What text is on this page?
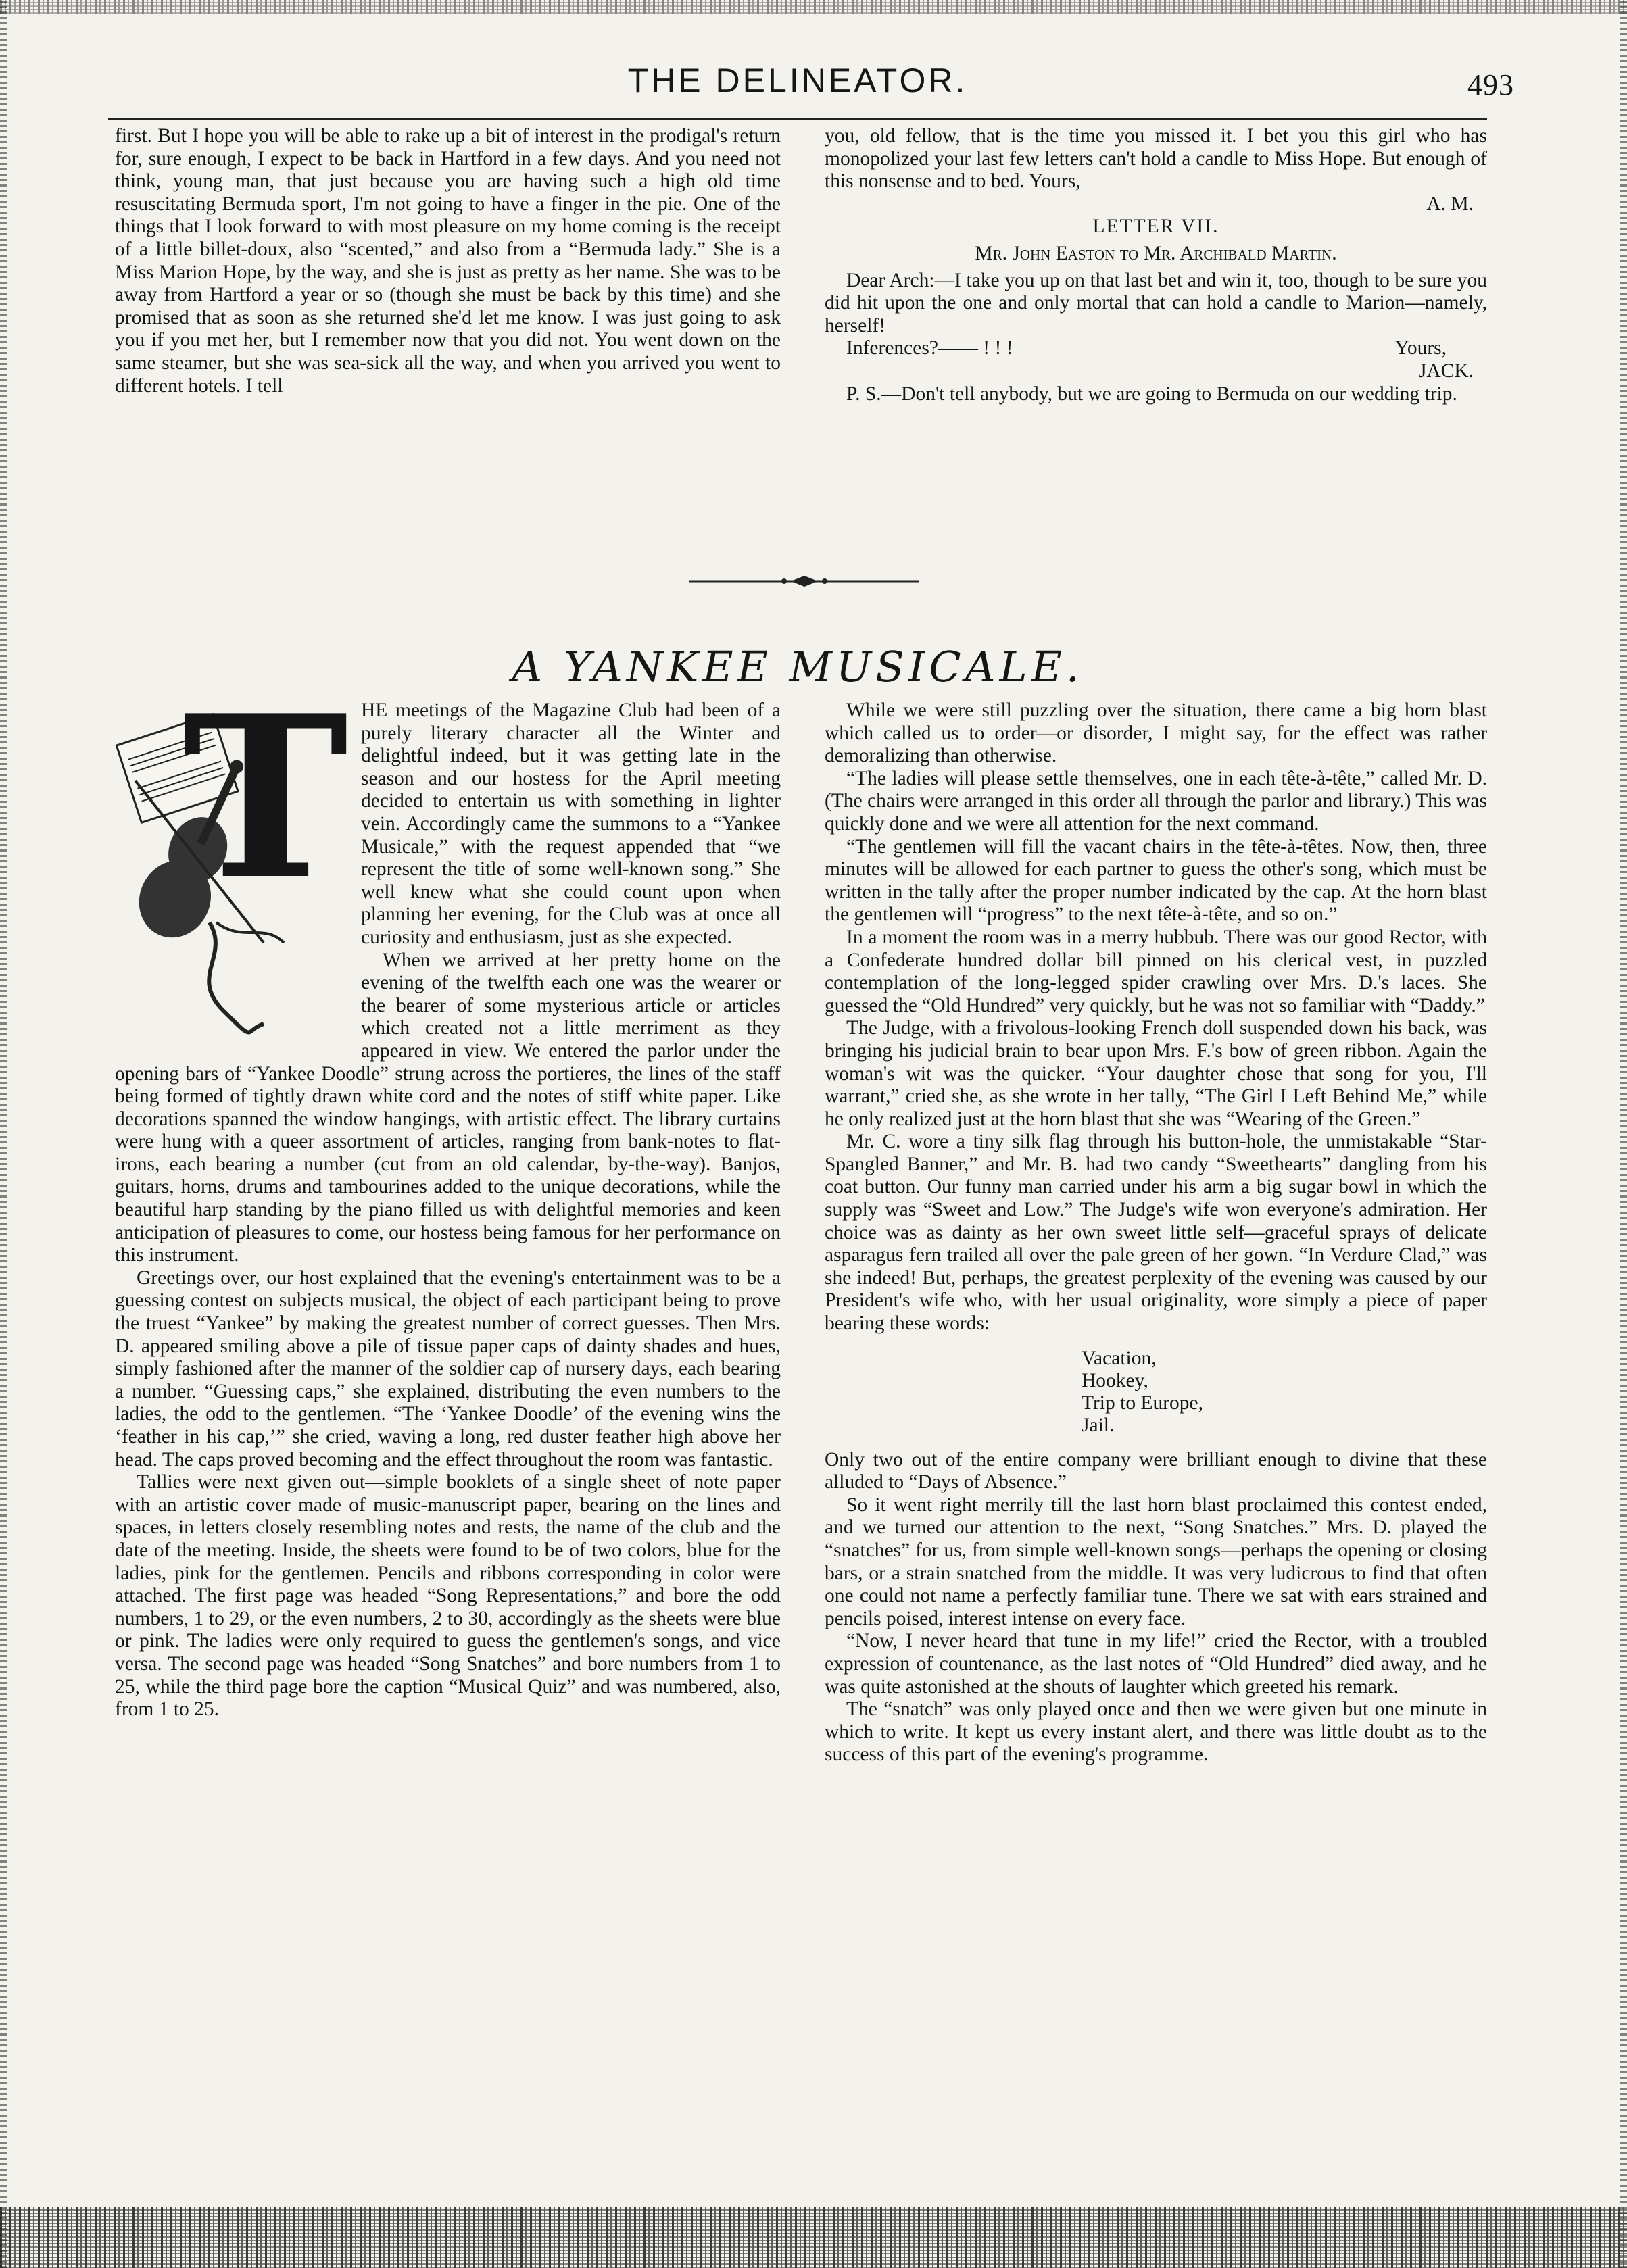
THE DELINEATOR.	493

first. But I hope you will be able to rake up a bit of interest in the prodigal's return for, sure enough, I expect to be back in Hartford in a few days. And you need not think, young man, that just because you are having such a high old time resuscitating Bermuda sport, I'm not going to have a finger in the pie. One of the things that I look forward to with most pleasure on my home coming is the receipt of a little billet-doux, also “scented,” and also from a “Bermuda lady.” She is a Miss Marion Hope, by the way, and she is just as pretty as her name. She was to be away from Hartford a year or so (though she must be back by this time) and she promised that as soon as she returned she'd let me know. I was just going to ask you if you met her, but I remember now that you did not. You went down on the same steamer, but she was sea-sick all the way, and when you arrived you went to different hotels. I tell

you, old fellow, that is the time you missed it. I bet you this girl who has monopolized your last few letters can't hold a candle to Miss Hope. But enough of this nonsense and to bed. Yours,

A. M.

LETTER VII.

Mr. John Easton to Mr. Archibald Martin.

Dear Arch:—I take you up on that last bet and win it, too, though to be sure you did hit upon the one and only mortal that can hold a candle to Marion—namely, herself!

Inferences?—— ! ! !	Yours,

JACK.

P. S.—Don't tell anybody, but we are going to Bermuda on our wedding trip.

A YANKEE MUSICALE.
T HE meetings of the Magazine Club had been of a purely literary character all the Winter and delightful indeed, but it was getting late in the season and our hostess for the April meeting decided to entertain us with something in lighter vein. Accordingly came the summons to a “Yankee Musicale,” with the request appended that “we represent the title of some well-known song.” She well knew what she could count upon when planning her evening, for the Club was at once all curiosity and enthusiasm, just as she expected.

When we arrived at her pretty home on the evening of the twelfth each one was the wearer or the bearer of some mysterious article or articles which created not a little merriment as they appeared in view. We entered the parlor under the opening bars of “Yankee Doodle” strung across the portieres, the lines of the staff being formed of tightly drawn white cord and the notes of stiff white paper. Like decorations spanned the window hangings, with artistic effect. The library curtains were hung with a queer assortment of articles, ranging from bank-notes to flat-irons, each bearing a number (cut from an old calendar, by-the-way). Banjos, guitars, horns, drums and tambourines added to the unique decorations, while the beautiful harp standing by the piano filled us with delightful memories and keen anticipation of pleasures to come, our hostess being famous for her performance on this instrument.

Greetings over, our host explained that the evening's entertainment was to be a guessing contest on subjects musical, the object of each participant being to prove the truest “Yankee” by making the greatest number of correct guesses. Then Mrs. D. appeared smiling above a pile of tissue paper caps of dainty shades and hues, simply fashioned after the manner of the soldier cap of nursery days, each bearing a number. “Guessing caps,” she explained, distributing the even numbers to the ladies, the odd to the gentlemen. “The ‘Yankee Doodle’ of the evening wins the ‘feather in his cap,’” she cried, waving a long, red duster feather high above her head. The caps proved becoming and the effect throughout the room was fantastic.

Tallies were next given out—simple booklets of a single sheet of note paper with an artistic cover made of music-manuscript paper, bearing on the lines and spaces, in letters closely resembling notes and rests, the name of the club and the date of the meeting. Inside, the sheets were found to be of two colors, blue for the ladies, pink for the gentlemen. Pencils and ribbons corresponding in color were attached. The first page was headed “Song Representations,” and bore the odd numbers, 1 to 29, or the even numbers, 2 to 30, accordingly as the sheets were blue or pink. The ladies were only required to guess the gentlemen's songs, and vice versa. The second page was headed “Song Snatches” and bore numbers from 1 to 25, while the third page bore the caption “Musical Quiz” and was numbered, also, from 1 to 25.

While we were still puzzling over the situation, there came a big horn blast which called us to order—or disorder, I might say, for the effect was rather demoralizing than otherwise.

“The ladies will please settle themselves, one in each tête-à-tête,” called Mr. D. (The chairs were arranged in this order all through the parlor and library.) This was quickly done and we were all attention for the next command.

“The gentlemen will fill the vacant chairs in the tête-à-têtes. Now, then, three minutes will be allowed for each partner to guess the other's song, which must be written in the tally after the proper number indicated by the cap. At the horn blast the gentlemen will “progress” to the next tête-à-tête, and so on.”

In a moment the room was in a merry hubbub. There was our good Rector, with a Confederate hundred dollar bill pinned on his clerical vest, in puzzled contemplation of the long-legged spider crawling over Mrs. D.'s laces. She guessed the “Old Hundred” very quickly, but he was not so familiar with “Daddy.”

The Judge, with a frivolous-looking French doll suspended down his back, was bringing his judicial brain to bear upon Mrs. F.'s bow of green ribbon. Again the woman's wit was the quicker. “Your daughter chose that song for you, I'll warrant,” cried she, as she wrote in her tally, “The Girl I Left Behind Me,” while he only realized just at the horn blast that she was “Wearing of the Green.”

Mr. C. wore a tiny silk flag through his button-hole, the unmistakable “Star-Spangled Banner,” and Mr. B. had two candy “Sweethearts” dangling from his coat button. Our funny man carried under his arm a big sugar bowl in which the supply was “Sweet and Low.” The Judge's wife won everyone's admiration. Her choice was as dainty as her own sweet little self—graceful sprays of delicate asparagus fern trailed all over the pale green of her gown. “In Verdure Clad,” was she indeed! But, perhaps, the greatest perplexity of the evening was caused by our President's wife who, with her usual originality, wore simply a piece of paper bearing these words:

Vacation,
Hookey,
Trip to Europe,
Jail.

Only two out of the entire company were brilliant enough to divine that these alluded to “Days of Absence.”

So it went right merrily till the last horn blast proclaimed this contest ended, and we turned our attention to the next, “Song Snatches.” Mrs. D. played the “snatches” for us, from simple well-known songs—perhaps the opening or closing bars, or a strain snatched from the middle. It was very ludicrous to find that often one could not name a perfectly familiar tune. There we sat with ears strained and pencils poised, interest intense on every face.

“Now, I never heard that tune in my life!” cried the Rector, with a troubled expression of countenance, as the last notes of “Old Hundred” died away, and he was quite astonished at the shouts of laughter which greeted his remark.

The “snatch” was only played once and then we were given but one minute in which to write. It kept us every instant alert, and there was little doubt as to the success of this part of the evening's programme.
